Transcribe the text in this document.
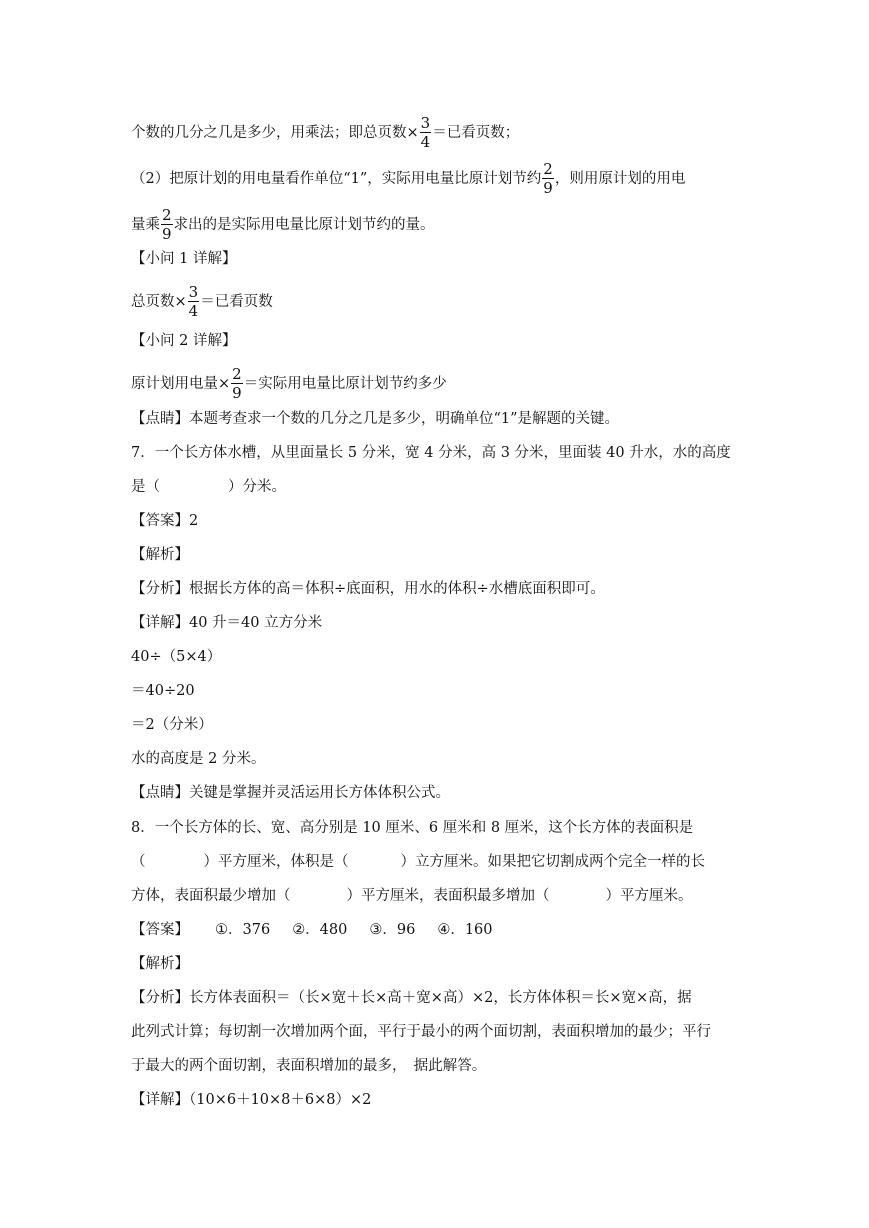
个数的几分之几是多少，用乘法；即总页数× $\frac{3}{4}$ ＝已看页数；
（2）把原计划的用电量看作单位“1”，实际用电量比原计划节约 $\frac{2}{9}$ ，则用原计划的用电
量乘 $\frac{2}{9}$ 求出的是实际用电量比原计划节约的量。
【小问 1 详解】
总页数× $\frac{3}{4}$ ＝已看页数
【小问 2 详解】
原计划用电量× $\frac{2}{9}$ ＝实际用电量比原计划节约多少
【点睛】本题考查求一个数的几分之几是多少，明确单位“1”是解题的关键。
7．一个长方体水槽，从里面量长 5 分米，宽 4 分米，高 3 分米，里面装 40 升水，水的高度
是（	）分米。
【答案】2
【解析】
【分析】根据长方体的高＝体积÷底面积，用水的体积÷水槽底面积即可。
【详解】40 升＝40 立方分米
40÷（5×4）
＝40÷20
＝2（分米）
水的高度是 2 分米。
【点睛】关键是掌握并灵活运用长方体体积公式。
8．一个长方体的长、宽、高分别是 10 厘米、6 厘米和 8 厘米，这个长方体的表面积是
（	）平方厘米，体积是（	）立方厘米。如果把它切割成两个完全一样的长
方体，表面积最少增加（	）平方厘米，表面积最多增加（	）平方厘米。
【答案】 ①．376 ②．480 ③．96 ④．160
【解析】
【分析】长方体表面积＝（长×宽＋长×高＋宽×高）×2，长方体体积＝长×宽×高，据
此列式计算；每切割一次增加两个面，平行于最小的两个面切割，表面积增加的最少；平行
于最大的两个面切割，表面积增加的最多，　据此解答。
【详解】（10×6＋10×8＋6×8）×2
